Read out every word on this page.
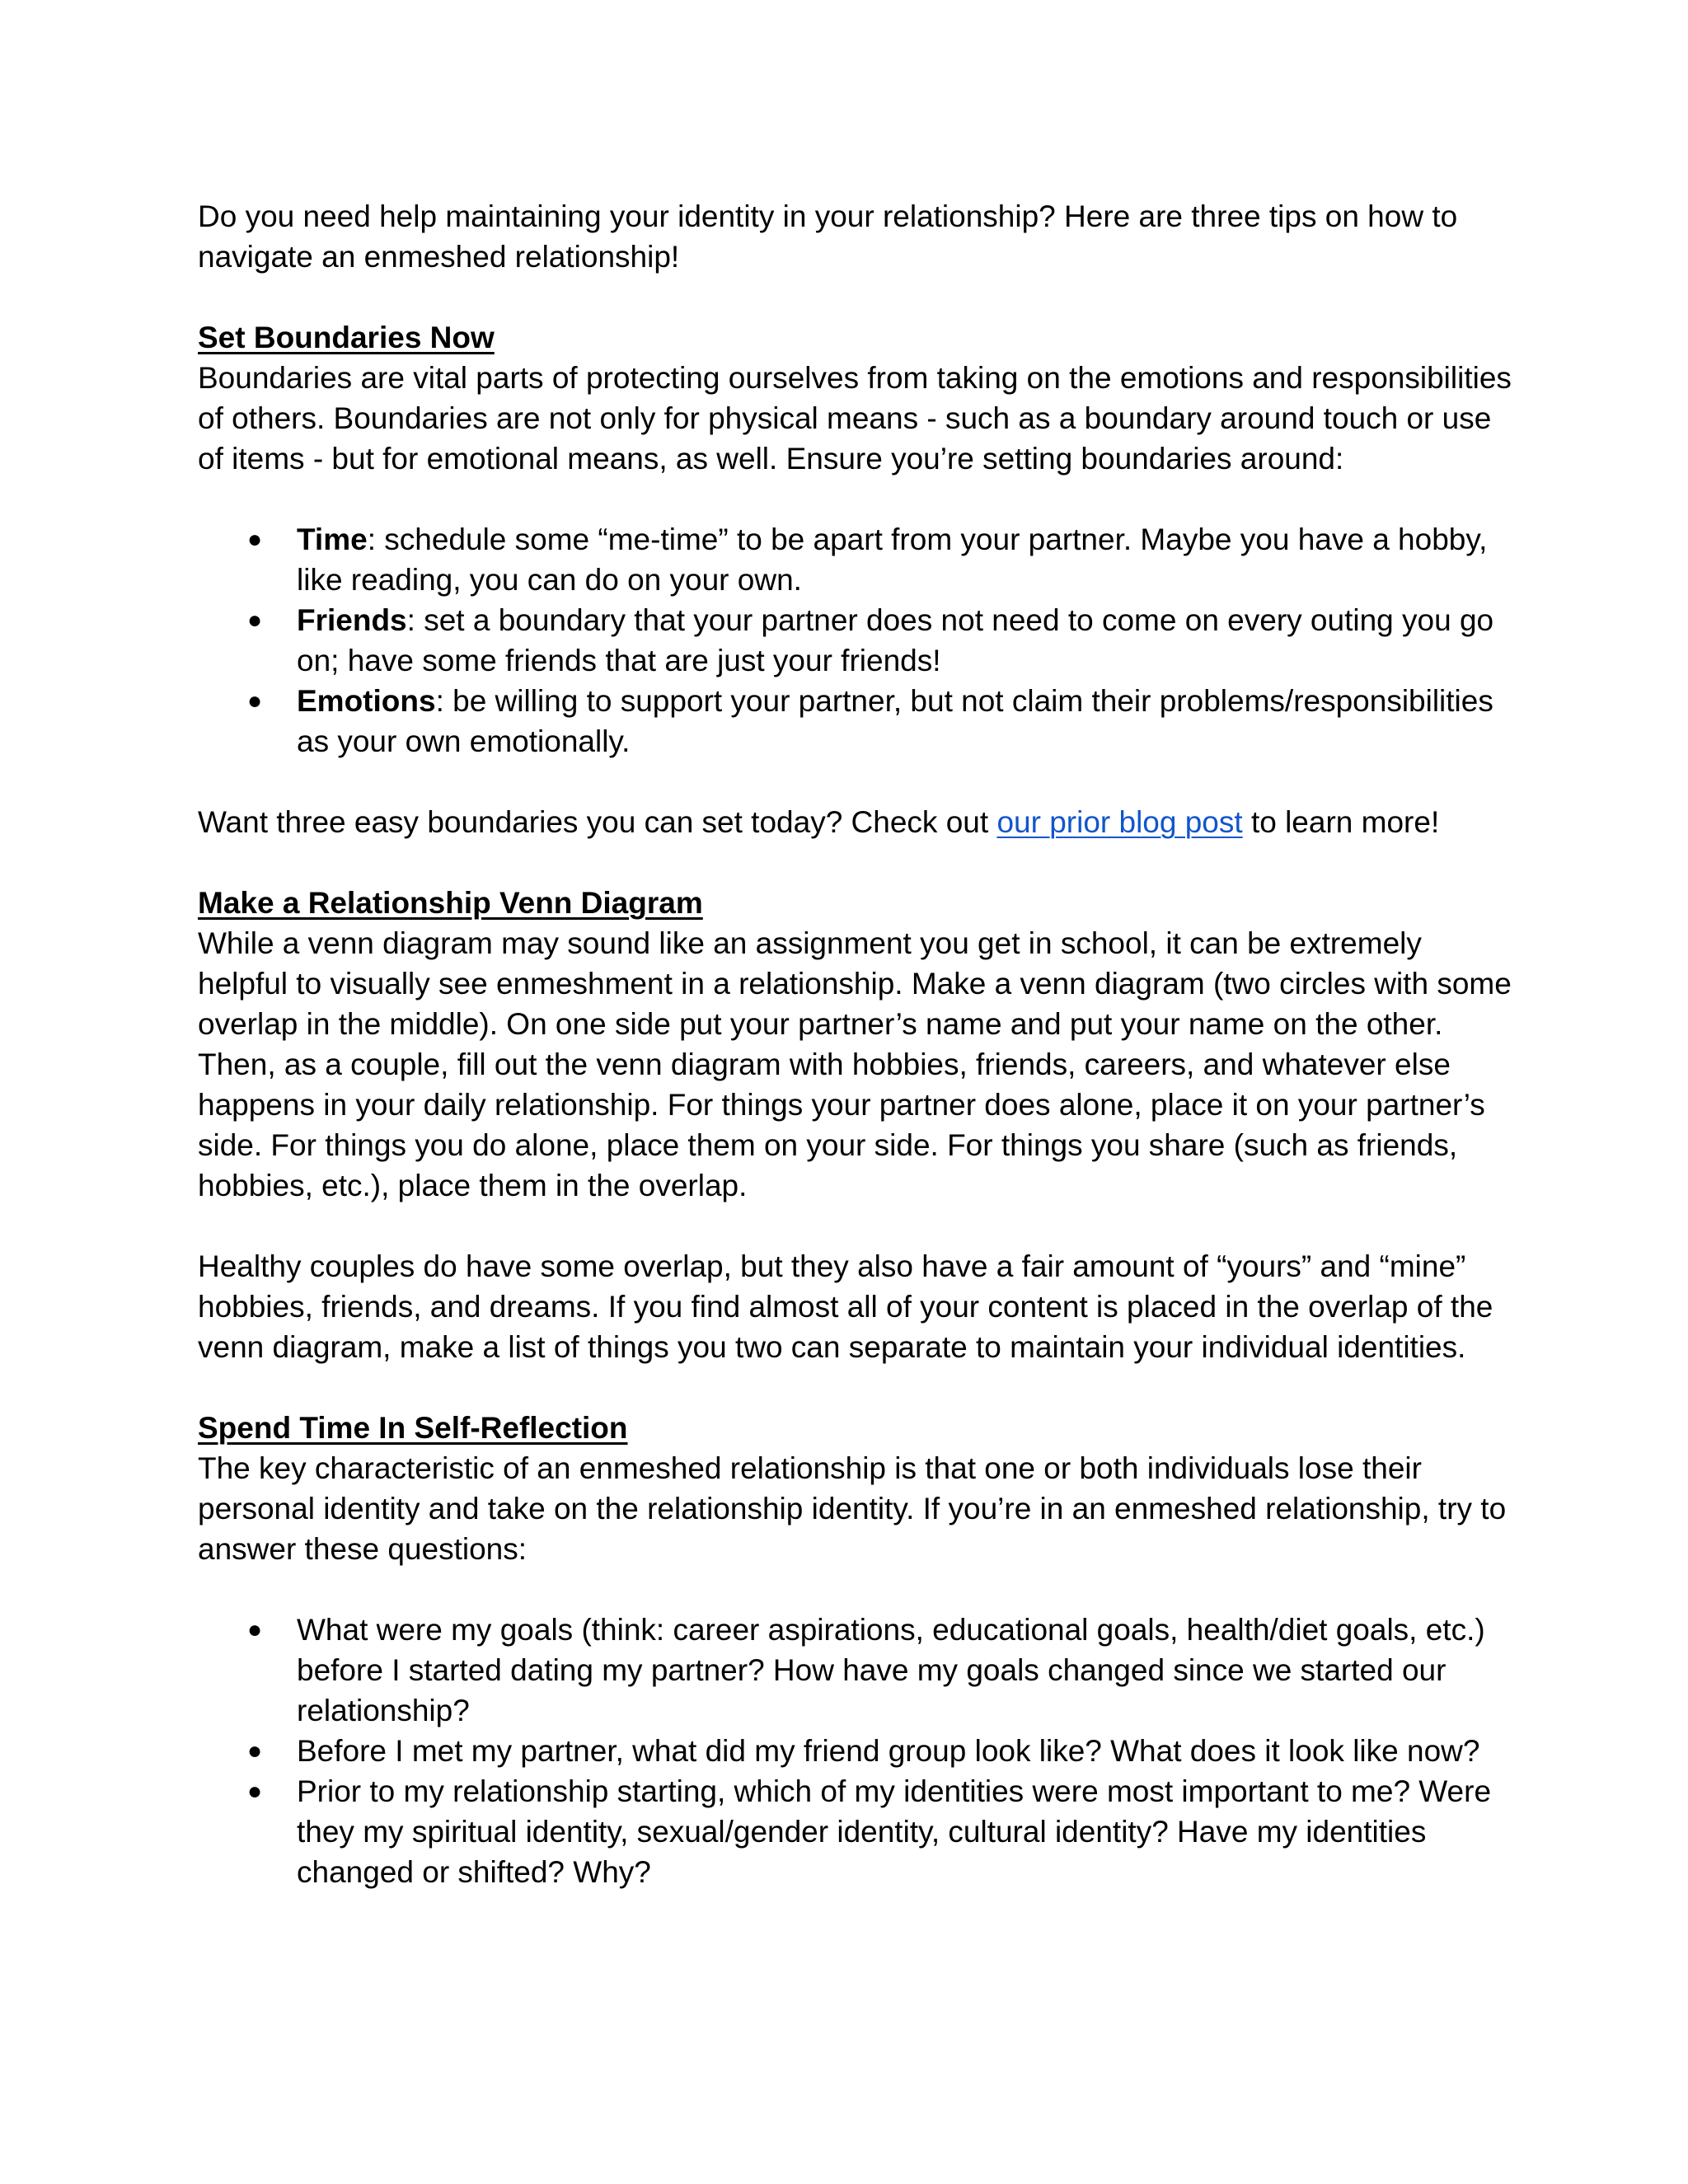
Do you need help maintaining your identity in your relationship? Here are three tips on how to navigate an enmeshed relationship!

Set Boundaries Now

Boundaries are vital parts of protecting ourselves from taking on the emotions and responsibilities of others. Boundaries are not only for physical means - such as a boundary around touch or use of items - but for emotional means, as well. Ensure you’re setting boundaries around:

● Time: schedule some “me-time” to be apart from your partner. Maybe you have a hobby, like reading, you can do on your own.
● Friends: set a boundary that your partner does not need to come on every outing you go on; have some friends that are just your friends!
● Emotions: be willing to support your partner, but not claim their problems/responsibilities as your own emotionally.

Want three easy boundaries you can set today? Check out our prior blog post to learn more!

Make a Relationship Venn Diagram

While a venn diagram may sound like an assignment you get in school, it can be extremely helpful to visually see enmeshment in a relationship. Make a venn diagram (two circles with some overlap in the middle). On one side put your partner’s name and put your name on the other. Then, as a couple, fill out the venn diagram with hobbies, friends, careers, and whatever else happens in your daily relationship. For things your partner does alone, place it on your partner’s side. For things you do alone, place them on your side. For things you share (such as friends, hobbies, etc.), place them in the overlap.

Healthy couples do have some overlap, but they also have a fair amount of “yours” and “mine” hobbies, friends, and dreams. If you find almost all of your content is placed in the overlap of the venn diagram, make a list of things you two can separate to maintain your individual identities.

Spend Time In Self-Reflection

The key characteristic of an enmeshed relationship is that one or both individuals lose their personal identity and take on the relationship identity. If you’re in an enmeshed relationship, try to answer these questions:

● What were my goals (think: career aspirations, educational goals, health/diet goals, etc.) before I started dating my partner? How have my goals changed since we started our relationship?
● Before I met my partner, what did my friend group look like? What does it look like now?
● Prior to my relationship starting, which of my identities were most important to me? Were they my spiritual identity, sexual/gender identity, cultural identity? Have my identities changed or shifted? Why?
